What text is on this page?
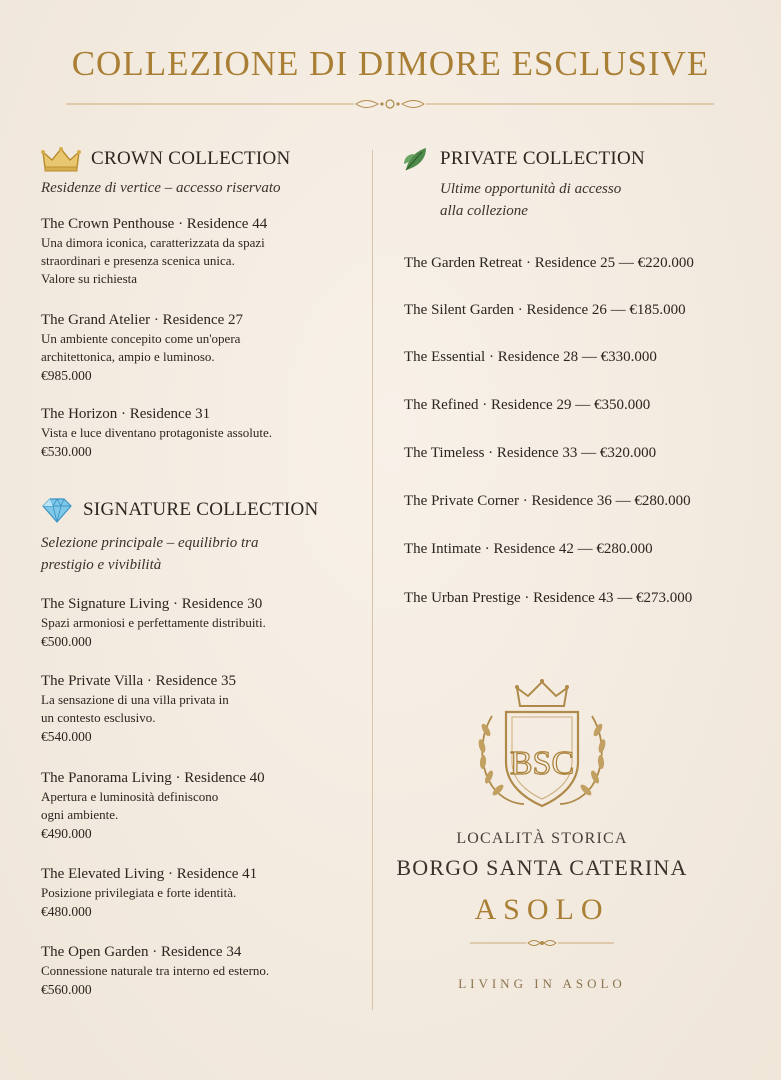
COLLEZIONE DI DIMORE ESCLUSIVE
CROWN COLLECTION
Residenze di vertice – accesso riservato
The Crown Penthouse · Residence 44
Una dimora iconica, caratterizzata da spazi
straordinari e presenza scenica unica.
Valore su richiesta
The Grand Atelier · Residence 27
Un ambiente concepito come un'opera
architettonica, ampio e luminoso.
€985.000
The Horizon · Residence 31
Vista e luce diventano protagoniste assolute.
€530.000
SIGNATURE COLLECTION
Selezione principale – equilibrio tra
prestigio e vivibilità
The Signature Living · Residence 30
Spazi armoniosi e perfettamente distribuiti.
€500.000
The Private Villa · Residence 35
La sensazione di una villa privata in
un contesto esclusivo.
€540.000
The Panorama Living · Residence 40
Apertura e luminosità definiscono
ogni ambiente.
€490.000
The Elevated Living · Residence 41
Posizione privilegiata e forte identità.
€480.000
The Open Garden · Residence 34
Connessione naturale tra interno ed esterno.
€560.000
PRIVATE COLLECTION
Ultime opportunità di accesso
alla collezione
The Garden Retreat · Residence 25 — €220.000
The Silent Garden · Residence 26 — €185.000
The Essential · Residence 28 — €330.000
The Refined · Residence 29 — €350.000
The Timeless · Residence 33 — €320.000
The Private Corner · Residence 36 — €280.000
The Intimate · Residence 42 — €280.000
The Urban Prestige · Residence 43 — €273.000
BSC
LOCALITÀ STORICA
BORGO SANTA CATERINA
ASOLO
LIVING IN ASOLO
